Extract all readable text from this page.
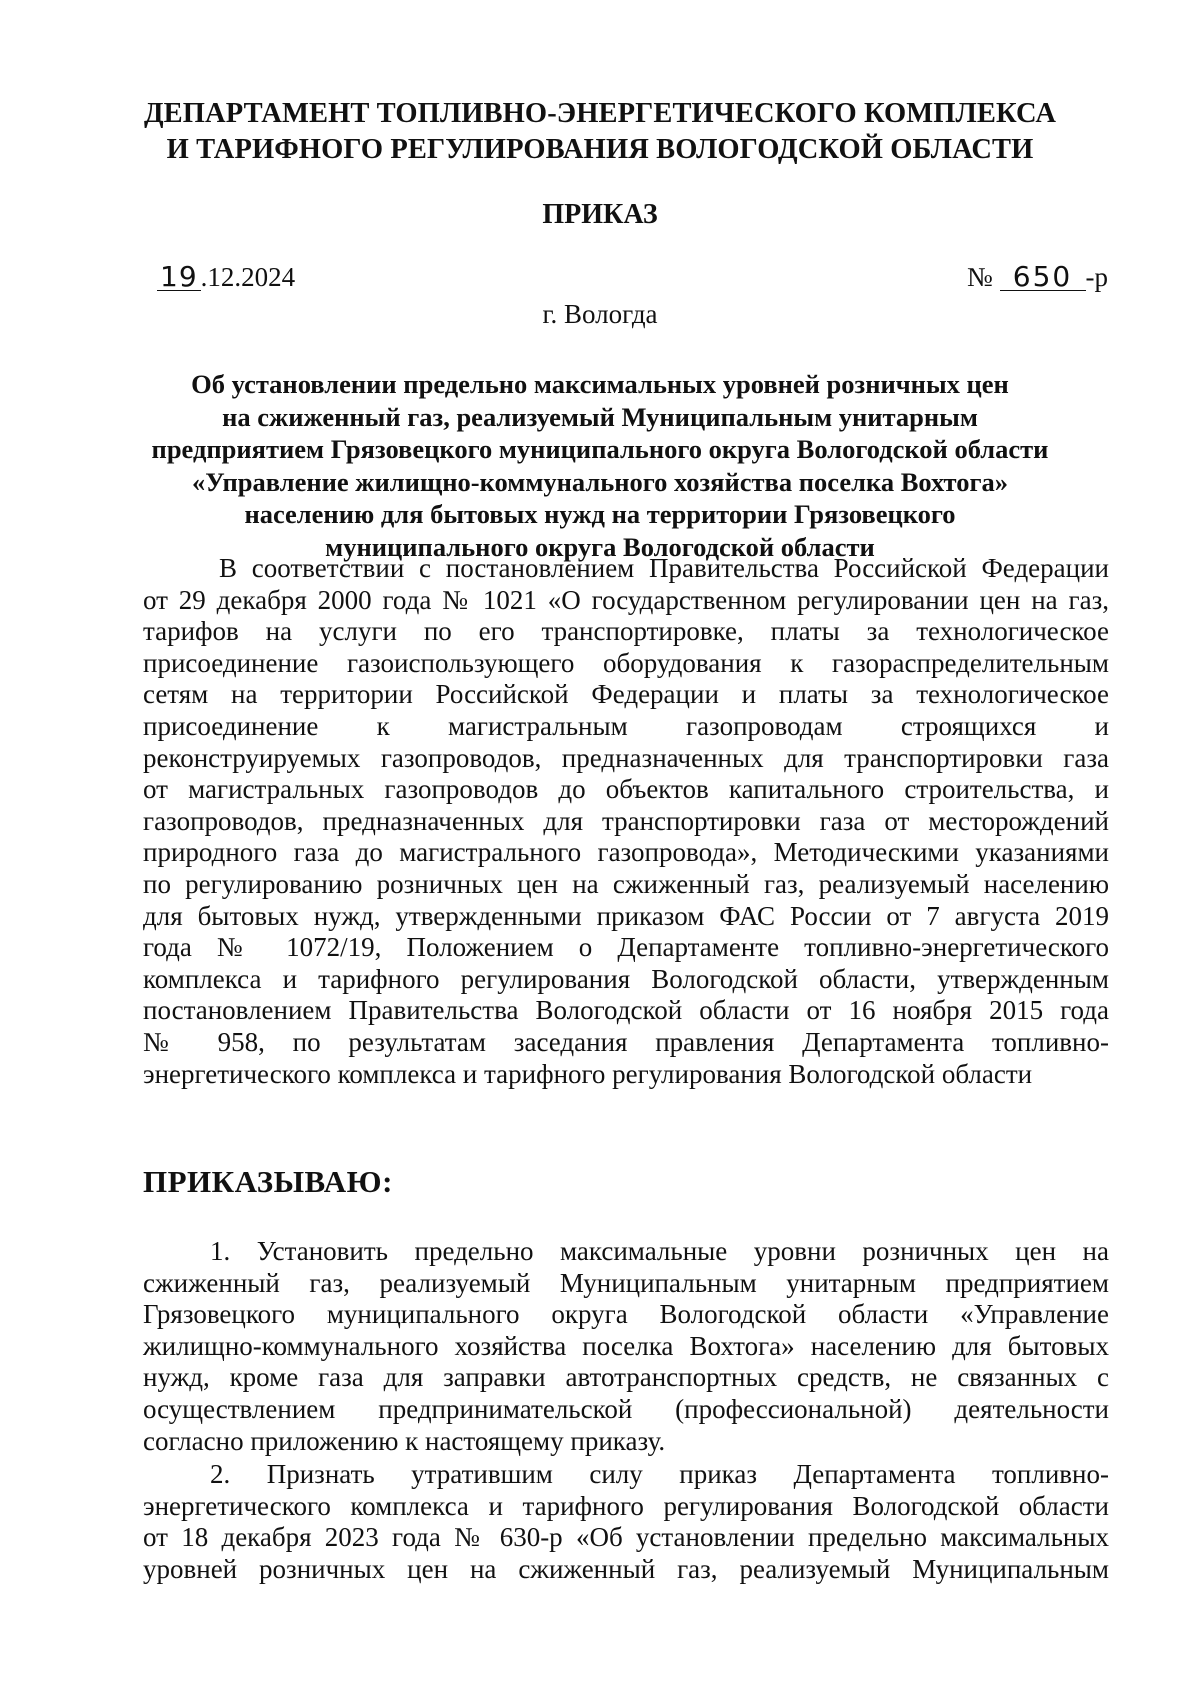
ДЕПАРТАМЕНТ ТОПЛИВНО-ЭНЕРГЕТИЧЕСКОГО КОМПЛЕКСА
И ТАРИФНОГО РЕГУЛИРОВАНИЯ ВОЛОГОДСКОЙ ОБЛАСТИ
ПРИКАЗ
19 .12.2024	№ 650 -р
г. Вологда
Об установлении предельно максимальных уровней розничных цен
на сжиженный газ, реализуемый Муниципальным унитарным
предприятием Грязовецкого муниципального округа Вологодской области
«Управление жилищно-коммунального хозяйства поселка Вохтога»
населению для бытовых нужд на территории Грязовецкого
муниципального округа Вологодской области
В соответствии с постановлением Правительства Российской Федерации
от 29 декабря 2000 года № 1021 «О государственном регулировании цен на газ,
тарифов на услуги по его транспортировке, платы за технологическое
присоединение газоиспользующего оборудования к газораспределительным
сетям на территории Российской Федерации и платы за технологическое
присоединение к магистральным газопроводам строящихся и
реконструируемых газопроводов, предназначенных для транспортировки газа
от магистральных газопроводов до объектов капитального строительства, и
газопроводов, предназначенных для транспортировки газа от месторождений
природного газа до магистрального газопровода», Методическими указаниями
по регулированию розничных цен на сжиженный газ, реализуемый населению
для бытовых нужд, утвержденными приказом ФАС России от 7 августа 2019
года № 1072/19, Положением о Департаменте топливно-энергетического
комплекса и тарифного регулирования Вологодской области, утвержденным
постановлением Правительства Вологодской области от 16 ноября 2015 года
№ 958, по результатам заседания правления Департамента топливно-
энергетического комплекса и тарифного регулирования Вологодской области
ПРИКАЗЫВАЮ:
1. Установить предельно максимальные уровни розничных цен на
сжиженный газ, реализуемый Муниципальным унитарным предприятием
Грязовецкого муниципального округа Вологодской области «Управление
жилищно-коммунального хозяйства поселка Вохтога» населению для бытовых
нужд, кроме газа для заправки автотранспортных средств, не связанных с
осуществлением предпринимательской (профессиональной) деятельности
согласно приложению к настоящему приказу.
2. Признать утратившим силу приказ Департамента топливно-
энергетического комплекса и тарифного регулирования Вологодской области
от 18 декабря 2023 года № 630-р «Об установлении предельно максимальных
уровней розничных цен на сжиженный газ, реализуемый Муниципальным
